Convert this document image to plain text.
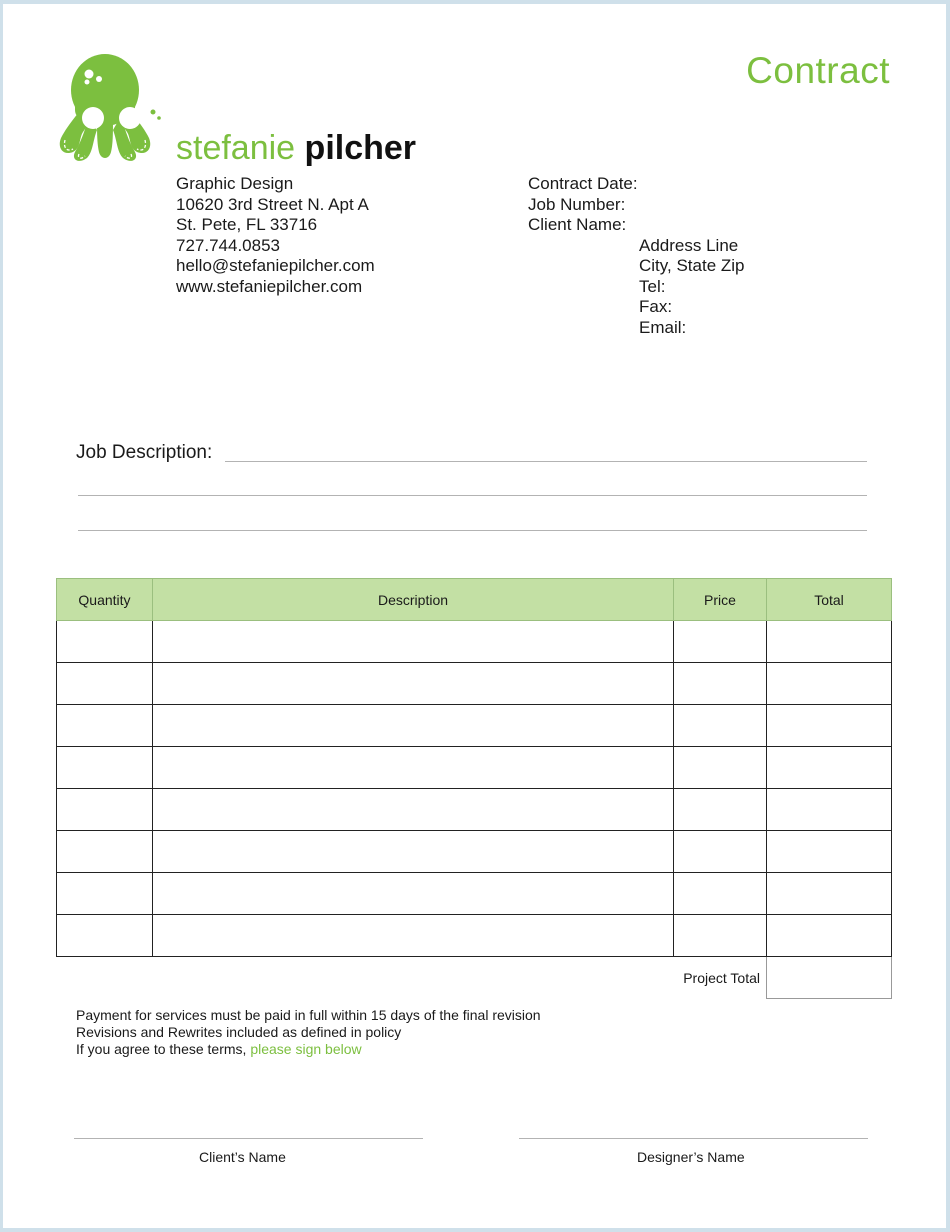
Contract
stefanie pilcher
Graphic Design
10620 3rd Street N. Apt A
St. Pete, FL 33716
727.744.0853
hello@stefaniepilcher.com
www.stefaniepilcher.com
Contract Date:
Job Number:
Client Name:
Address Line
City, State Zip
Tel:
Fax:
Email:
Job Description:
Quantity	Description	Price	Total

	Project Total		
Payment for services must be paid in full within 15 days of the final revision
Revisions and Rewrites included as defined in policy
If you agree to these terms, please sign below
Client’s Name	Designer’s Name
